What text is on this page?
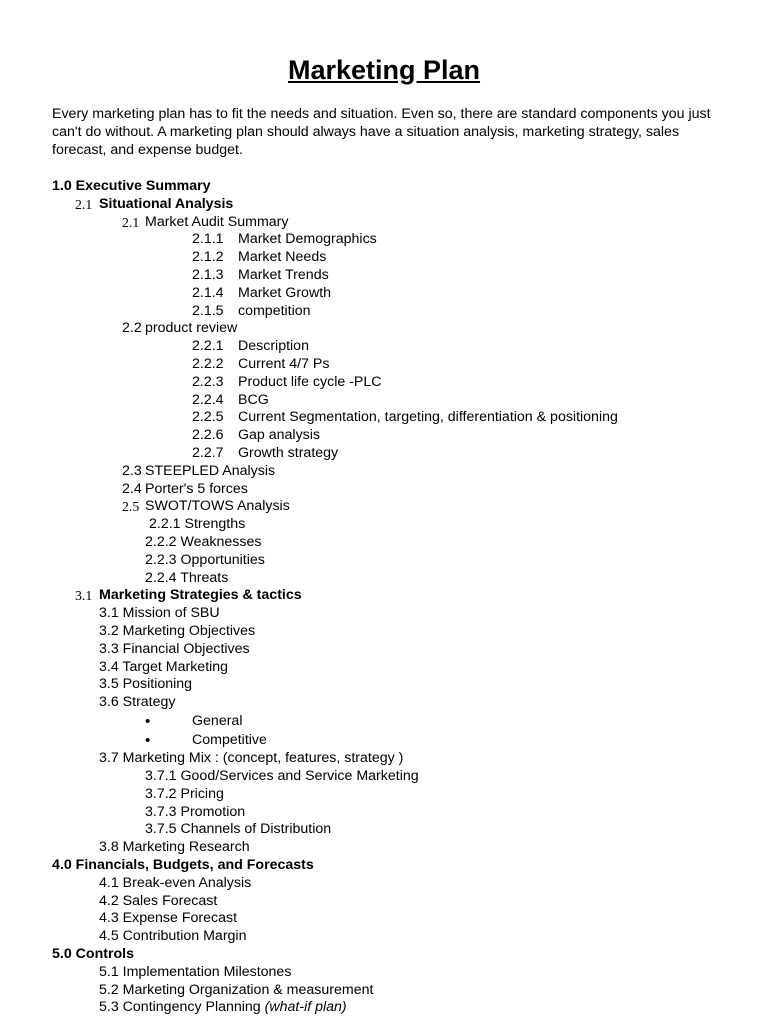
Marketing Plan
Every marketing plan has to fit the needs and situation. Even so, there are standard components you just can't do without. A marketing plan should always have a situation analysis, marketing strategy, sales forecast, and expense budget.
1.0 Executive Summary
2.1 Situational Analysis
2.1 Market Audit Summary
2.1.1 Market Demographics
2.1.2 Market Needs
2.1.3 Market Trends
2.1.4 Market Growth
2.1.5 competition
2.2 product review
2.2.1 Description
2.2.2 Current 4/7 Ps
2.2.3 Product life cycle -PLC
2.2.4 BCG
2.2.5 Current Segmentation, targeting, differentiation & positioning
2.2.6 Gap analysis
2.2.7 Growth strategy
2.3 STEEPLED Analysis
2.4 Porter's 5 forces
2.5 SWOT/TOWS Analysis
2.2.1 Strengths
2.2.2 Weaknesses
2.2.3 Opportunities
2.2.4 Threats
3.1 Marketing Strategies & tactics
3.1 Mission of SBU
3.2 Marketing Objectives
3.3 Financial Objectives
3.4 Target Marketing
3.5 Positioning
3.6 Strategy
•	General
•	Competitive
3.7 Marketing Mix : (concept, features, strategy )
3.7.1 Good/Services and Service Marketing
3.7.2 Pricing
3.7.3 Promotion
3.7.5 Channels of Distribution
3.8 Marketing Research
4.0 Financials, Budgets, and Forecasts
4.1 Break-even Analysis
4.2 Sales Forecast
4.3 Expense Forecast
4.5 Contribution Margin
5.0 Controls
5.1 Implementation Milestones
5.2 Marketing Organization & measurement
5.3 Contingency Planning (what-if plan)
